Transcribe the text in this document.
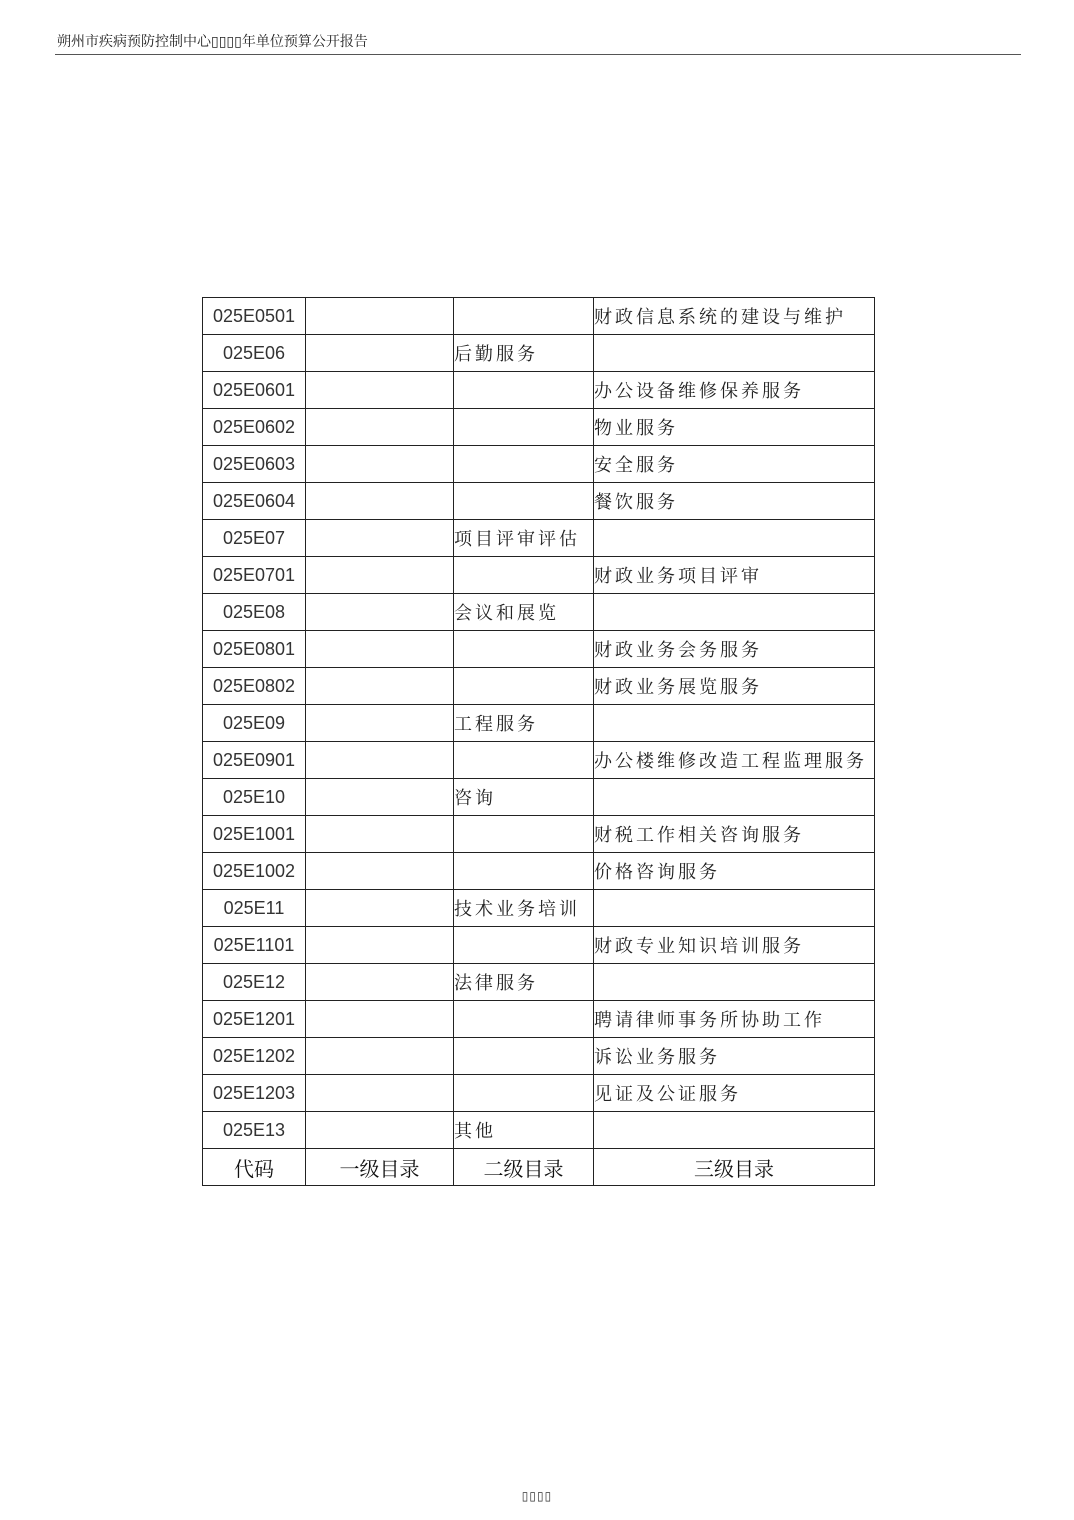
朔州市疾病预防控制中心▯▯▯▯年单位预算公开报告
025E0501			财政信息系统的建设与维护
025E06		后勤服务	
025E0601			办公设备维修保养服务
025E0602			物业服务
025E0603			安全服务
025E0604			餐饮服务
025E07		项目评审评估	
025E0701			财政业务项目评审
025E08		会议和展览	
025E0801			财政业务会务服务
025E0802			财政业务展览服务
025E09		工程服务	
025E0901			办公楼维修改造工程监理服务
025E10		咨询	
025E1001			财税工作相关咨询服务
025E1002			价格咨询服务
025E11		技术业务培训	
025E1101			财政专业知识培训服务
025E12		法律服务	
025E1201			聘请律师事务所协助工作
025E1202			诉讼业务服务
025E1203			见证及公证服务
025E13		其他	
代码	一级目录	二级目录	三级目录
▯▯▯▯
